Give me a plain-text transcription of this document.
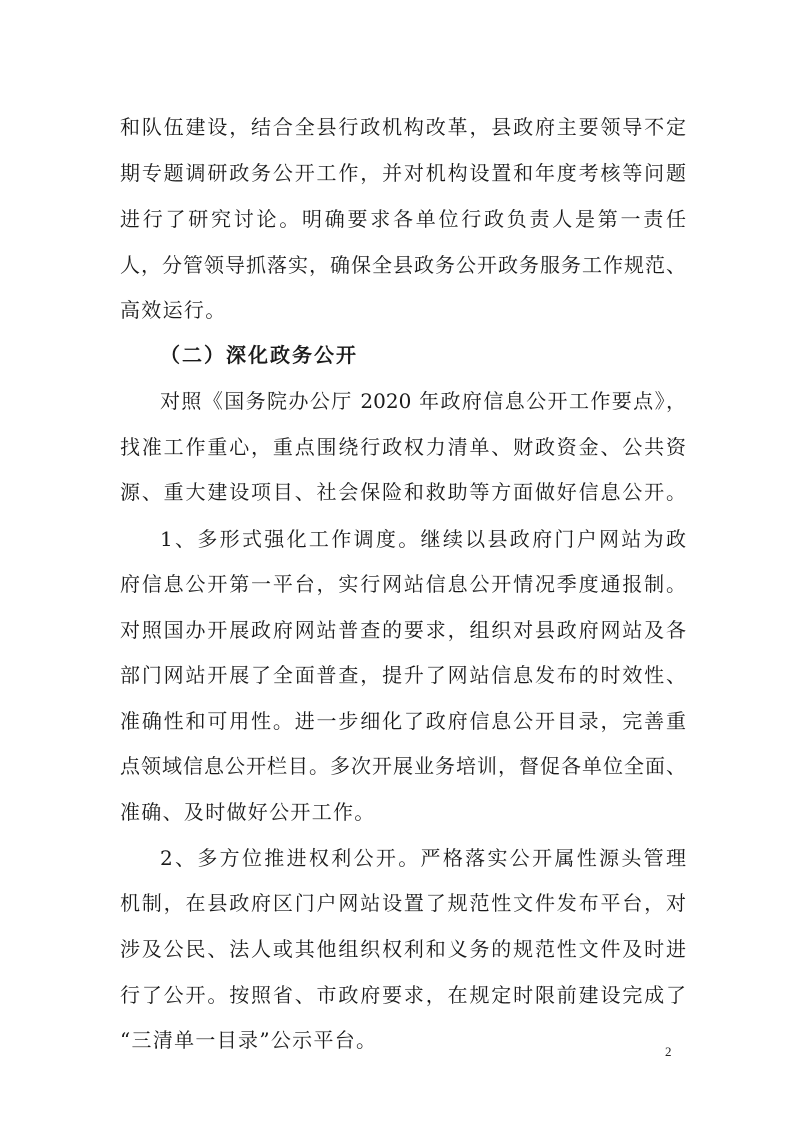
和队伍建设，结合全县行政机构改革，县政府主要领导不定
期专题调研政务公开工作，并对机构设置和年度考核等问题
进行了研究讨论。明确要求各单位行政负责人是第一责任
人，分管领导抓落实，确保全县政务公开政务服务工作规范、
高效运行。
（二）深化政务公开
对照《国务院办公厅 2020 年政府信息公开工作要点》，
找准工作重心，重点围绕行政权力清单、财政资金、公共资
源、重大建设项目、社会保险和救助等方面做好信息公开。
1、多形式强化工作调度。继续以县政府门户网站为政
府信息公开第一平台，实行网站信息公开情况季度通报制。
对照国办开展政府网站普查的要求，组织对县政府网站及各
部门网站开展了全面普查，提升了网站信息发布的时效性、
准确性和可用性。进一步细化了政府信息公开目录，完善重
点领域信息公开栏目。多次开展业务培训，督促各单位全面、
准确、及时做好公开工作。
2、多方位推进权利公开。严格落实公开属性源头管理
机制，在县政府区门户网站设置了规范性文件发布平台，对
涉及公民、法人或其他组织权利和义务的规范性文件及时进
行了公开。按照省、市政府要求，在规定时限前建设完成了
“三清单一目录”公示平台。	2
